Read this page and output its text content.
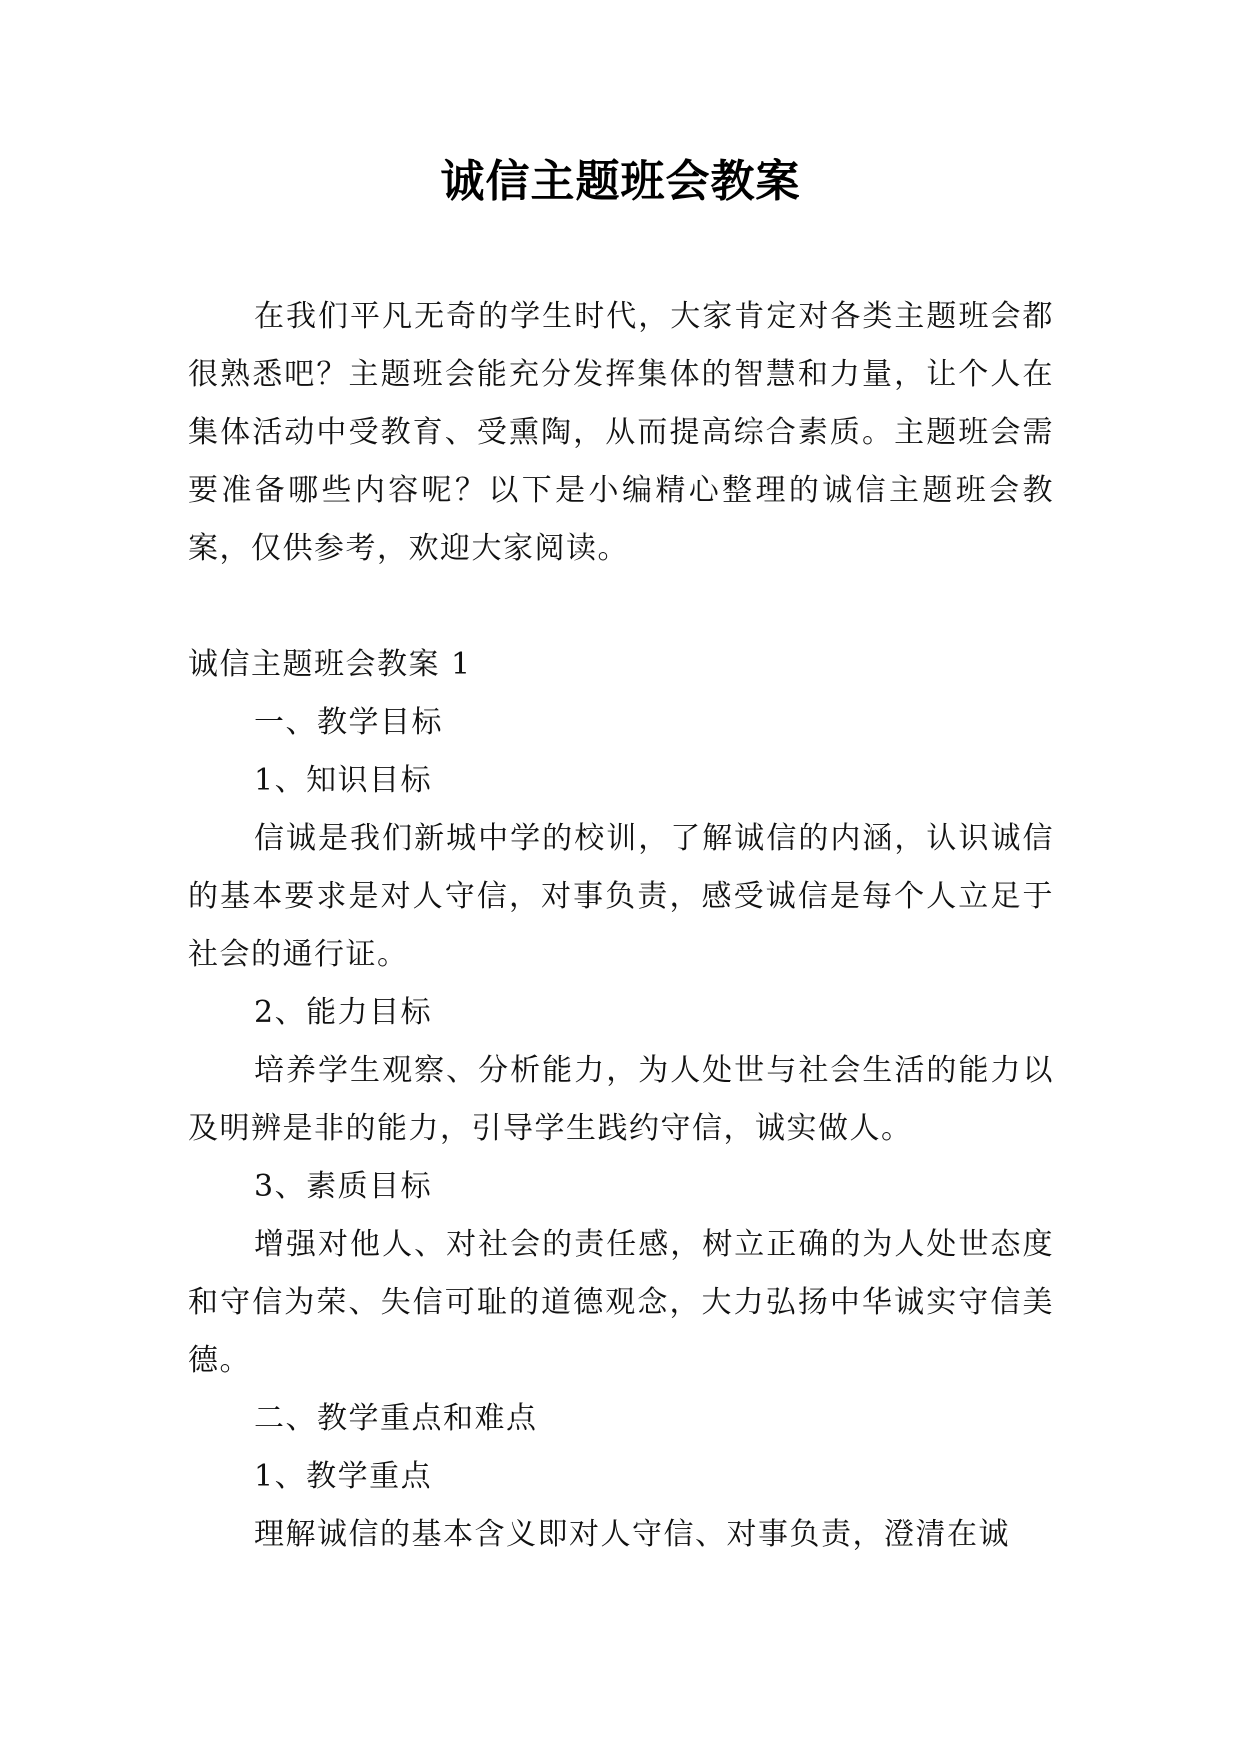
诚信主题班会教案

在我们平凡无奇的学生时代，大家肯定对各类主题班会都很熟悉吧？主题班会能充分发挥集体的智慧和力量，让个人在集体活动中受教育、受熏陶，从而提高综合素质。主题班会需要准备哪些内容呢？以下是小编精心整理的诚信主题班会教案，仅供参考，欢迎大家阅读。

诚信主题班会教案 1

一、教学目标

1、知识目标

信诚是我们新城中学的校训，了解诚信的内涵，认识诚信的基本要求是对人守信，对事负责，感受诚信是每个人立足于社会的通行证。

2、能力目标

培养学生观察、分析能力，为人处世与社会生活的能力以及明辨是非的能力，引导学生践约守信，诚实做人。

3、素质目标

增强对他人、对社会的责任感，树立正确的为人处世态度和守信为荣、失信可耻的道德观念，大力弘扬中华诚实守信美德。

二、教学重点和难点

1、教学重点

理解诚信的基本含义即对人守信、对事负责，澄清在诚
